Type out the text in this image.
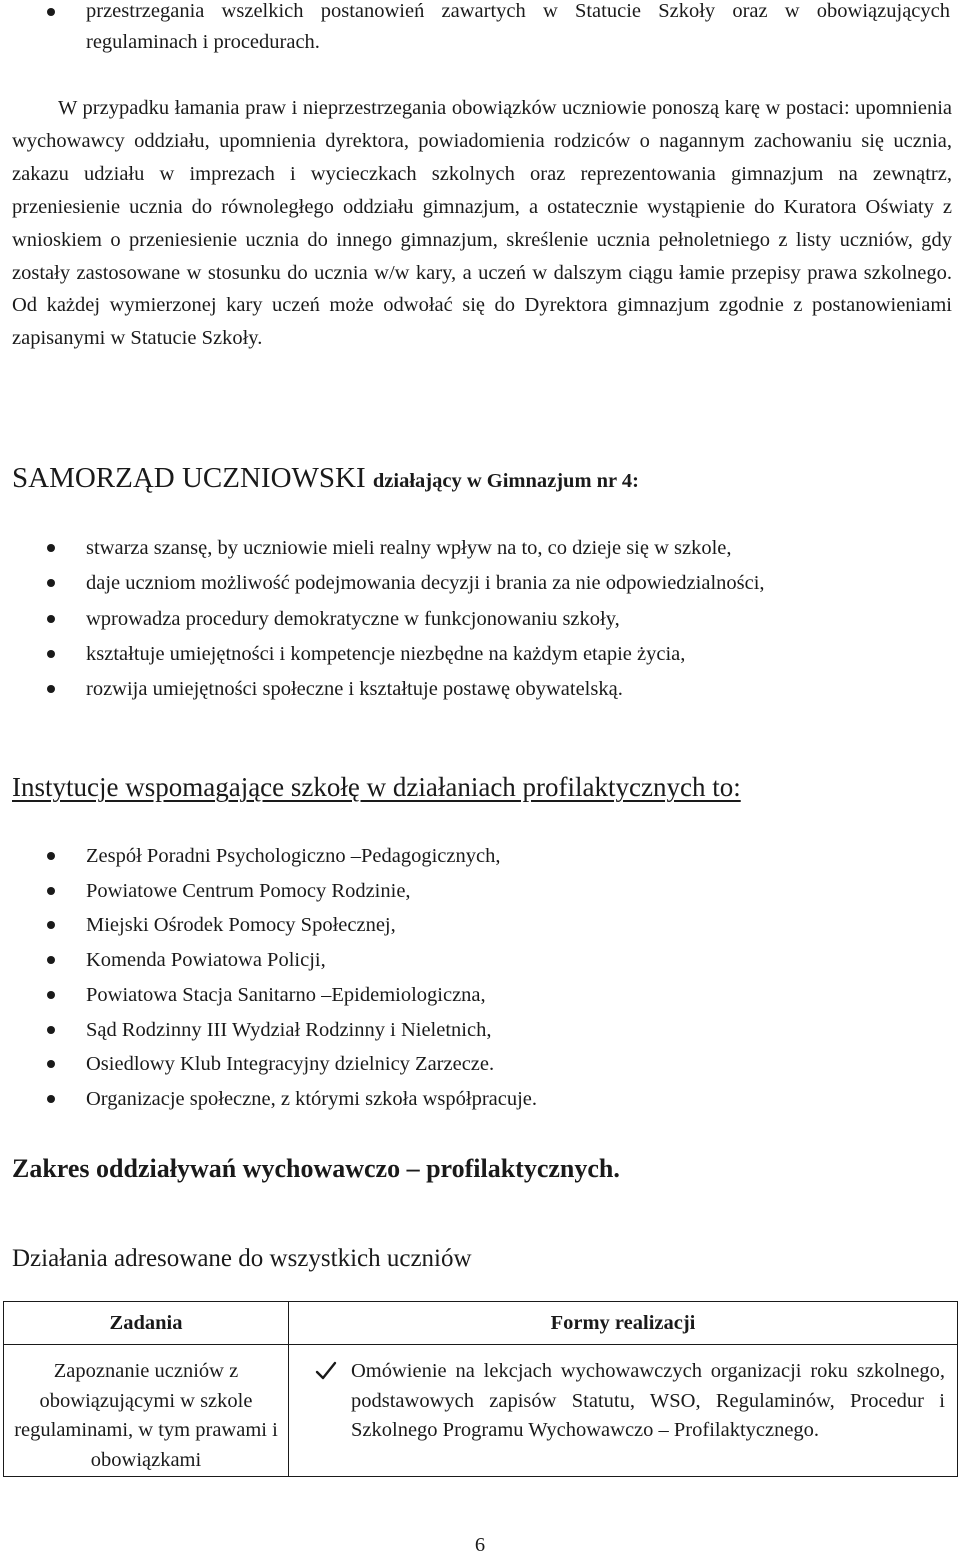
przestrzegania wszelkich postanowień zawartych w Statucie Szkoły oraz w obowiązujących regulaminach i procedurach.

W przypadku łamania praw i nieprzestrzegania obowiązków uczniowie ponoszą karę w postaci: upomnienia wychowawcy oddziału, upomnienia dyrektora, powiadomienia rodziców o nagannym zachowaniu się ucznia, zakazu udziału w imprezach i wycieczkach szkolnych oraz reprezentowania gimnazjum na zewnątrz, przeniesienie ucznia do równoległego oddziału gimnazjum, a ostatecznie wystąpienie do Kuratora Oświaty z wnioskiem o przeniesienie ucznia do innego gimnazjum, skreślenie ucznia pełnoletniego z listy uczniów, gdy zostały zastosowane w stosunku do ucznia w/w kary, a uczeń w dalszym ciągu łamie przepisy prawa szkolnego. Od każdej wymierzonej kary uczeń może odwołać się do Dyrektora gimnazjum zgodnie z postanowieniami zapisanymi w Statucie Szkoły.

SAMORZĄD UCZNIOWSKI działający w Gimnazjum nr 4:
stwarza szansę, by uczniowie mieli realny wpływ na to, co dzieje się w szkole,
daje uczniom możliwość podejmowania decyzji i brania za nie odpowiedzialności,
wprowadza procedury demokratyczne w funkcjonowaniu szkoły,
kształtuje umiejętności i kompetencje niezbędne na każdym etapie życia,
rozwija umiejętności społeczne i kształtuje postawę obywatelską.
Instytucje wspomagające szkołę w działaniach profilaktycznych to:
Zespół Poradni Psychologiczno –Pedagogicznych,
Powiatowe Centrum Pomocy Rodzinie,
Miejski Ośrodek Pomocy Społecznej,
Komenda Powiatowa Policji,
Powiatowa Stacja Sanitarno –Epidemiologiczna,
Sąd Rodzinny III Wydział Rodzinny i Nieletnich,
Osiedlowy Klub Integracyjny dzielnicy Zarzecze.
Organizacje społeczne, z którymi szkoła współpracuje.
Zakres oddziaływań wychowawczo – profilaktycznych.
Działania adresowane do wszystkich uczniów
Zadania	Formy realizacji
Zapoznanie uczniów z obowiązującymi w szkole regulaminami, w tym prawami i obowiązkami	Omówienie na lekcjach wychowawczych organizacji roku szkolnego, podstawowych zapisów Statutu, WSO, Regulaminów, Procedur i Szkolnego Programu Wychowawczo – Profilaktycznego.

6
